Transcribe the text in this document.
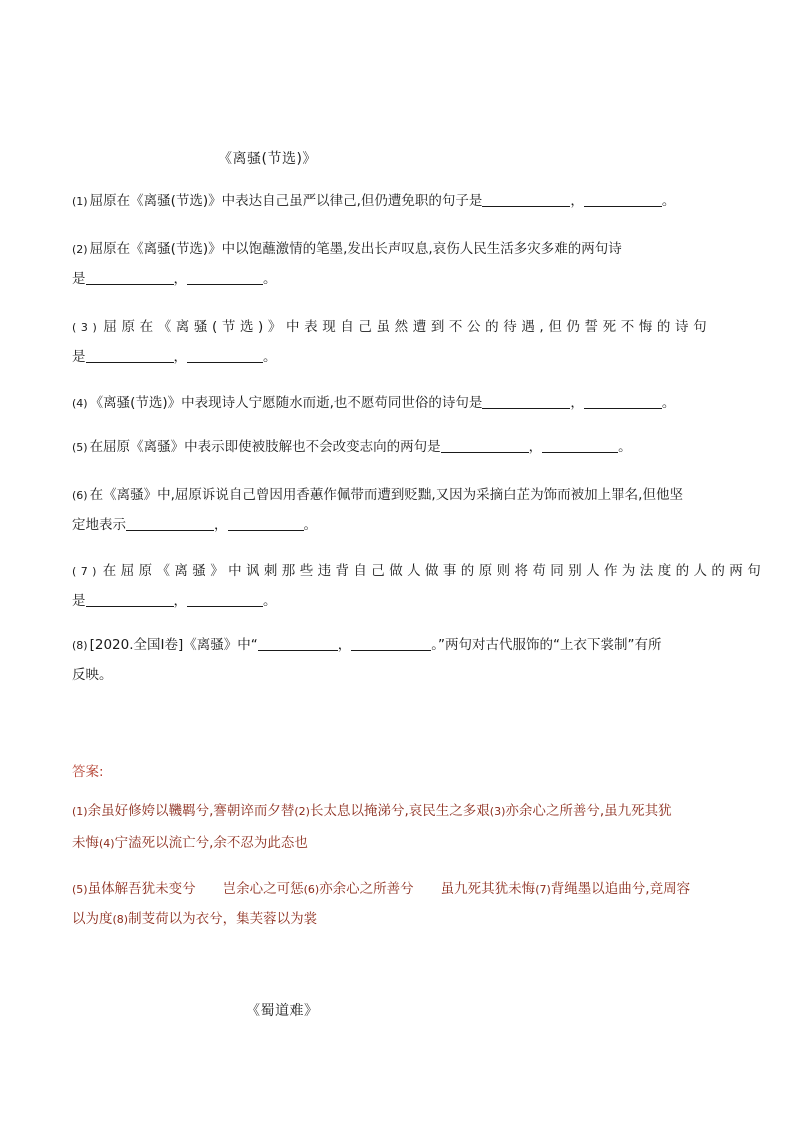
《离骚(节选)》
(1) 屈原在《离骚(节选)》中表达自己虽严以律己,但仍遭免职的句子是	，	。
(2) 屈原在《离骚(节选)》中以饱蘸激情的笔墨,发出长声叹息,哀伤人民生活多灾多难的两句诗
是	，	。
(3) 屈原在《离骚(节选)》中表现自己虽然遭到不公的待遇,但仍誓死不悔的诗句
是	，	。
(4) 《离骚(节选)》中表现诗人宁愿随水而逝,也不愿苟同世俗的诗句是	，	。
(5) 在屈原《离骚》中表示即使被肢解也不会改变志向的两句是	，	。
(6) 在《离骚》中,屈原诉说自己曾因用香蕙作佩带而遭到贬黜,又因为采摘白芷为饰而被加上罪名,但他坚
定地表示	，	。
(7) 在屈原《离骚》中讽刺那些违背自己做人做事的原则将苟同别人作为法度的人的两句
是	，	。
(8) [2020.全国Ⅰ卷]《离骚》中“	，	。”两句对古代服饰的“上衣下裳制”有所
反映。
答案:
(1)余虽好修姱以鞿羁兮,謇朝谇而夕替(2)长太息以掩涕兮,哀民生之多艰(3)亦余心之所善兮,虽九死其犹
未悔(4)宁溘死以流亡兮,余不忍为此态也
(5)虽体解吾犹未变兮　　岂余心之可惩(6)亦余心之所善兮　　虽九死其犹未悔(7)背绳墨以追曲兮,竞周容
以为度(8)制芰荷以为衣兮，集芙蓉以为裳
《蜀道难》
